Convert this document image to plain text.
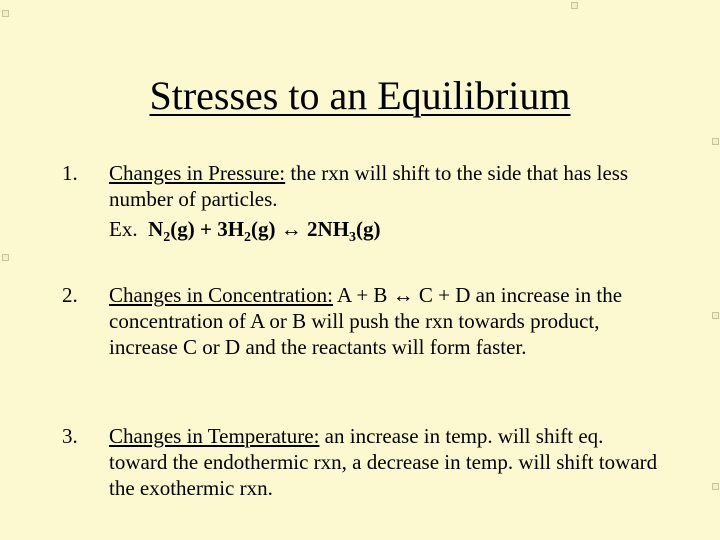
Stresses to an Equilibrium
1.	Changes in Pressure: the rxn will shift to the side that has less number of particles.
Ex.  $N_2(g) + 3H_2(g)$ ↔ $2NH_3(g)$
2.	Changes in Concentration: A + B ↔ C + D an increase in the concentration of A or B will push the rxn towards product, increase C or D and the reactants will form faster.
3.	Changes in Temperature: an increase in temp. will shift eq. toward the endothermic rxn, a decrease in temp. will shift toward the exothermic rxn.
